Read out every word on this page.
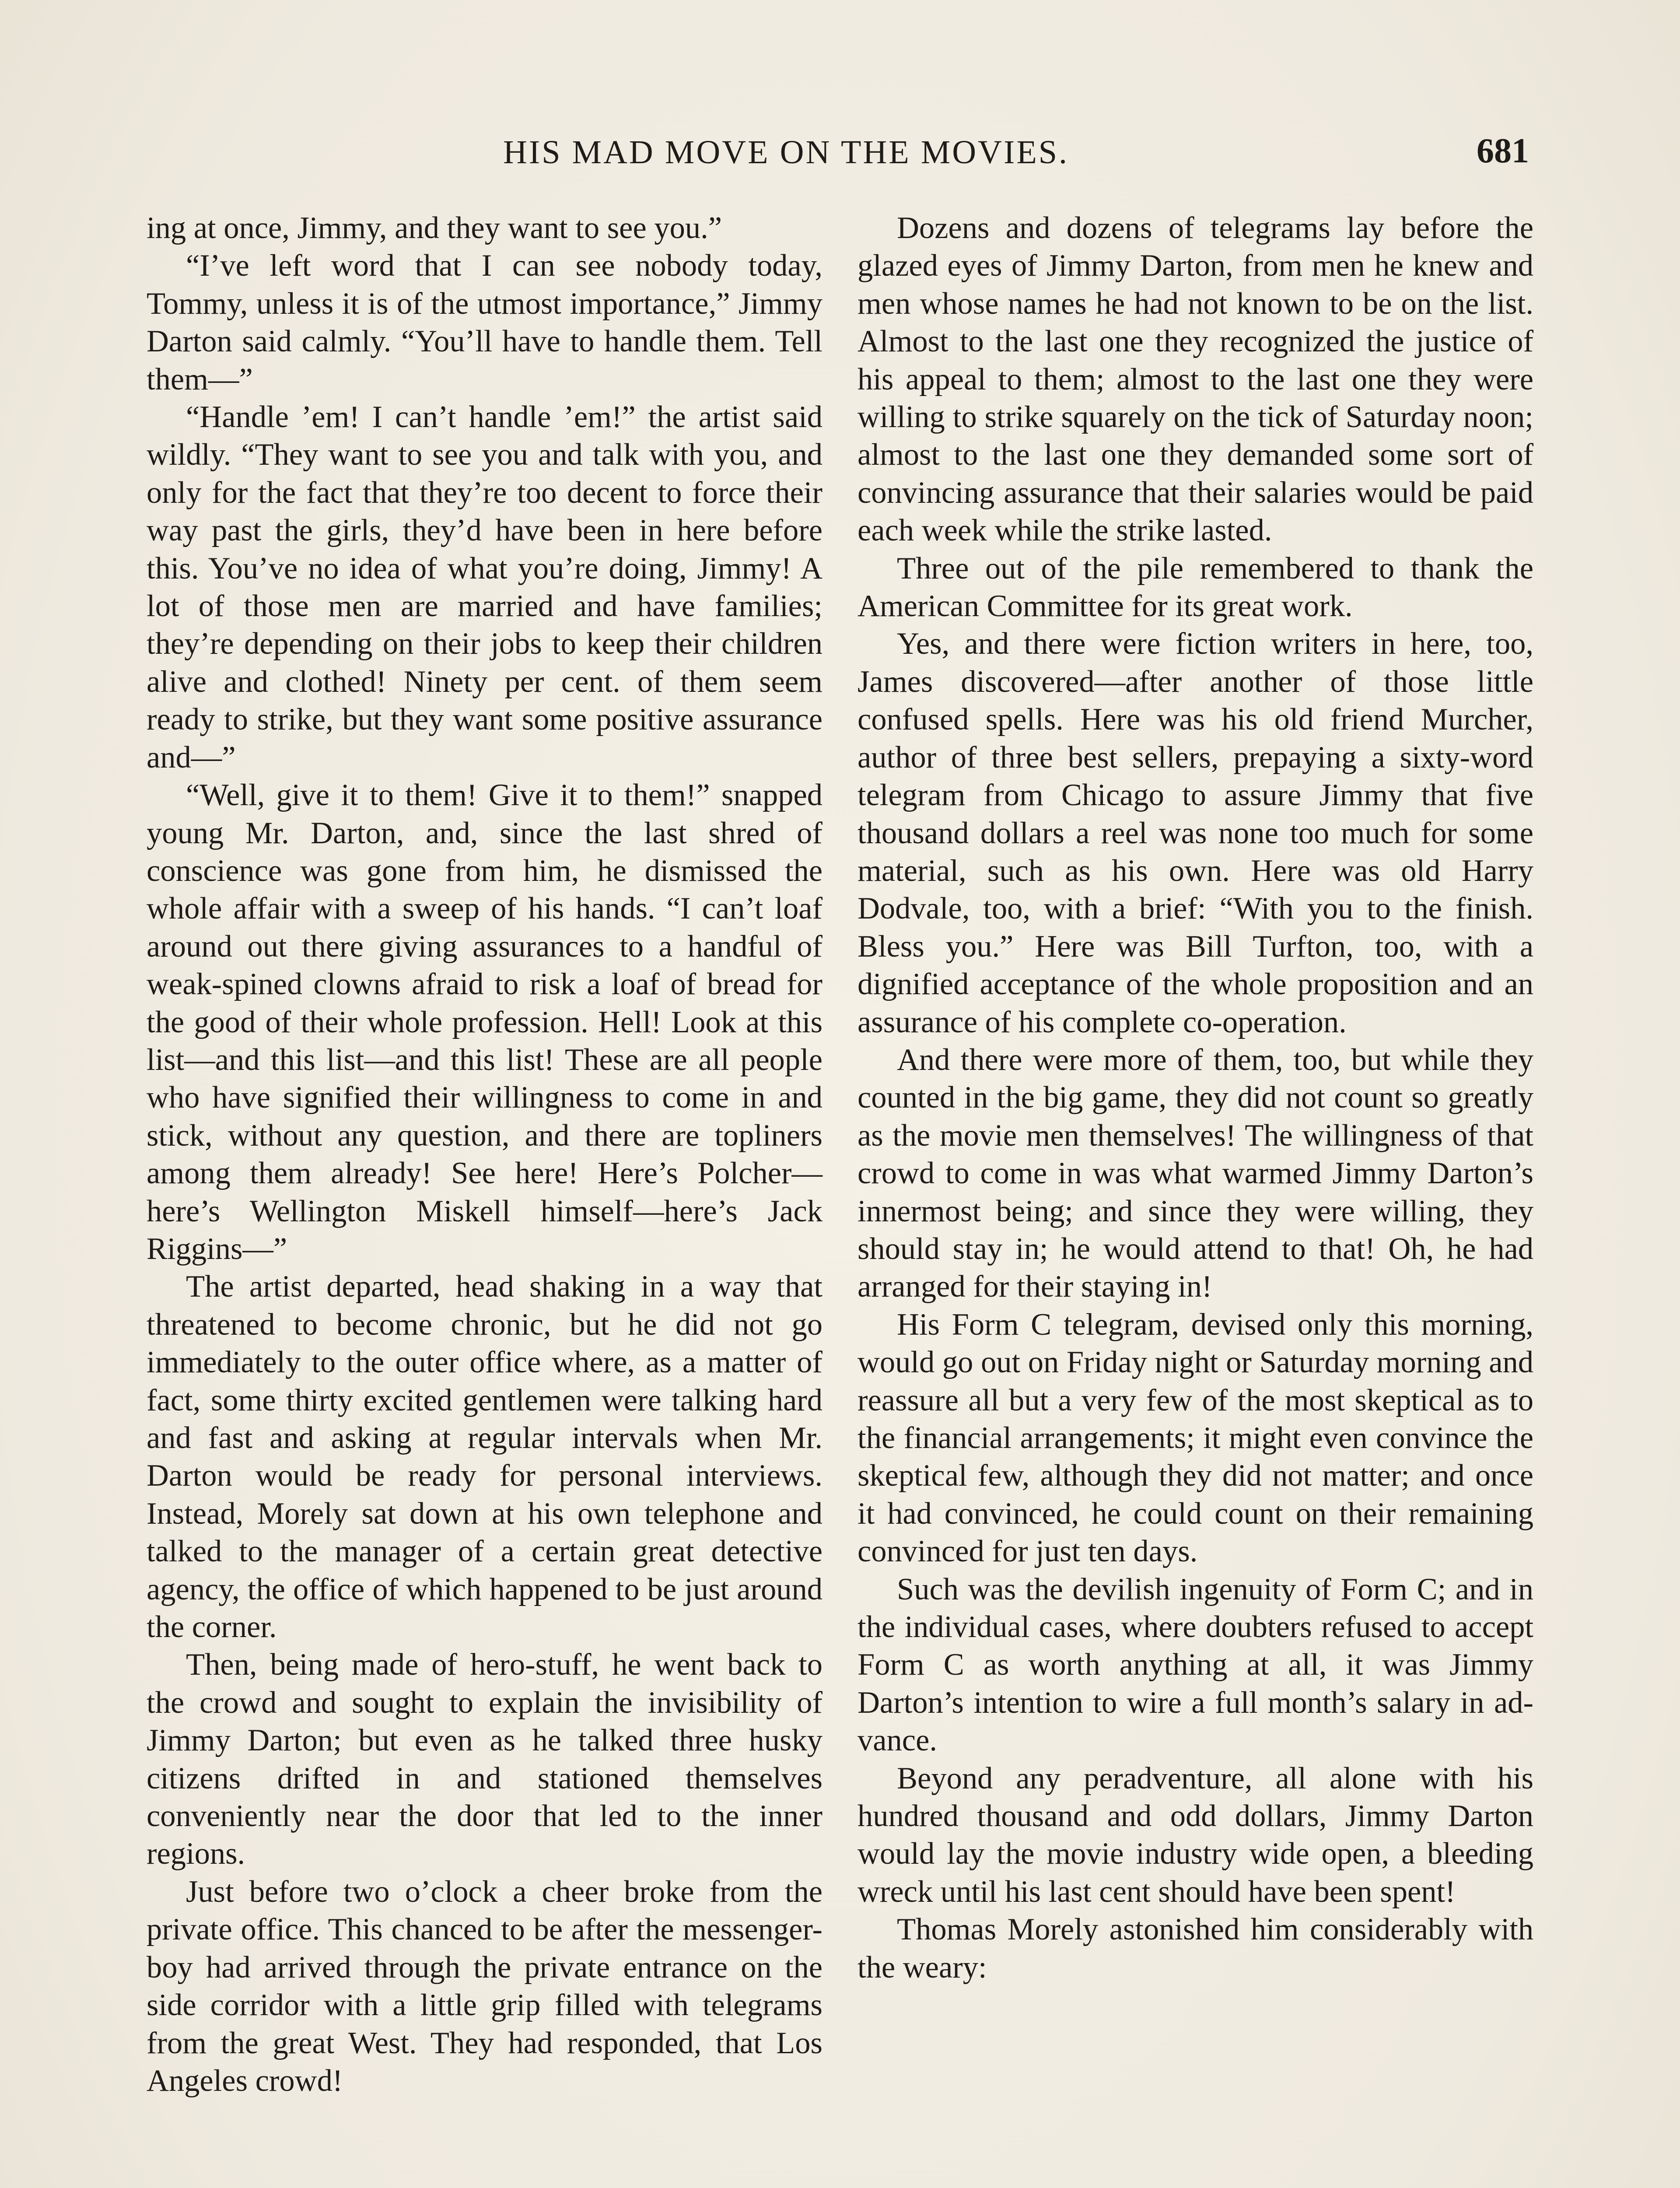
HIS MAD MOVE ON THE MOVIES.	681

ing at once, Jimmy, and they want to see you.”

“I’ve left word that I can see nobody today, Tommy, unless it is of the utmost importance,” Jimmy Darton said calmly. “You’ll have to handle them. Tell them—”

“Handle ’em! I can’t handle ’em!” the artist said wildly. “They want to see you and talk with you, and only for the fact that they’re too decent to force their way past the girls, they’d have been in here before this. You’ve no idea of what you’re doing, Jimmy! A lot of those men are married and have families; they’re depending on their jobs to keep their children alive and clothed! Ninety per cent. of them seem ready to strike, but they want some positive assurance and—”

“Well, give it to them! Give it to them!” snapped young Mr. Darton, and, since the last shred of conscience was gone from him, he dismissed the whole affair with a sweep of his hands. “I can’t loaf around out there giving assurances to a handful of weak-spined clowns afraid to risk a loaf of bread for the good of their whole profession. Hell! Look at this list—and this list—and this list! These are all people who have signified their willingness to come in and stick, without any question, and there are topliners among them already! See here! Here’s Polcher—here’s Wellington Miskell himself—here’s Jack Riggins—”

The artist departed, head shaking in a way that threatened to become chronic, but he did not go immediately to the outer office where, as a matter of fact, some thirty excited gentlemen were talking hard and fast and asking at regular intervals when Mr. Darton would be ready for personal interviews. Instead, Morely sat down at his own telephone and talked to the manager of a certain great detective agency, the office of which happened to be just around the corner.

Then, being made of hero-stuff, he went back to the crowd and sought to explain the invisibility of Jimmy Darton; but even as he talked three husky citizens drifted in and stationed themselves conveniently near the door that led to the inner regions.

Just before two o’clock a cheer broke from the private office. This chanced to be after the messenger-boy had arrived through the private entrance on the side corridor with a little grip filled with telegrams from the great West. They had responded, that Los Angeles crowd!

Dozens and dozens of telegrams lay before the glazed eyes of Jimmy Darton, from men he knew and men whose names he had not known to be on the list. Almost to the last one they recognized the justice of his appeal to them; almost to the last one they were willing to strike squarely on the tick of Saturday noon; almost to the last one they demanded some sort of convincing assurance that their salaries would be paid each week while the strike lasted.

Three out of the pile remembered to thank the American Committee for its great work.

Yes, and there were fiction writers in here, too, James discovered—after another of those little confused spells. Here was his old friend Murcher, author of three best sellers, prepaying a sixty-word telegram from Chicago to assure Jimmy that five thousand dollars a reel was none too much for some material, such as his own. Here was old Harry Dodvale, too, with a brief: “With you to the finish. Bless you.” Here was Bill Turfton, too, with a dignified acceptance of the whole proposition and an assurance of his complete co-operation.

And there were more of them, too, but while they counted in the big game, they did not count so greatly as the movie men themselves! The willingness of that crowd to come in was what warmed Jimmy Darton’s innermost being; and since they were willing, they should stay in; he would attend to that! Oh, he had arranged for their staying in!

His Form C telegram, devised only this morning, would go out on Friday night or Saturday morning and reassure all but a very few of the most skeptical as to the financial arrangements; it might even convince the skeptical few, although they did not matter; and once it had convinced, he could count on their remaining convinced for just ten days.

Such was the devilish ingenuity of Form C; and in the individual cases, where doubters refused to accept Form C as worth anything at all, it was Jimmy Darton’s intention to wire a full month’s salary in advance.

Beyond any peradventure, all alone with his hundred thousand and odd dollars, Jimmy Darton would lay the movie industry wide open, a bleeding wreck until his last cent should have been spent!

Thomas Morely astonished him considerably with the weary:
